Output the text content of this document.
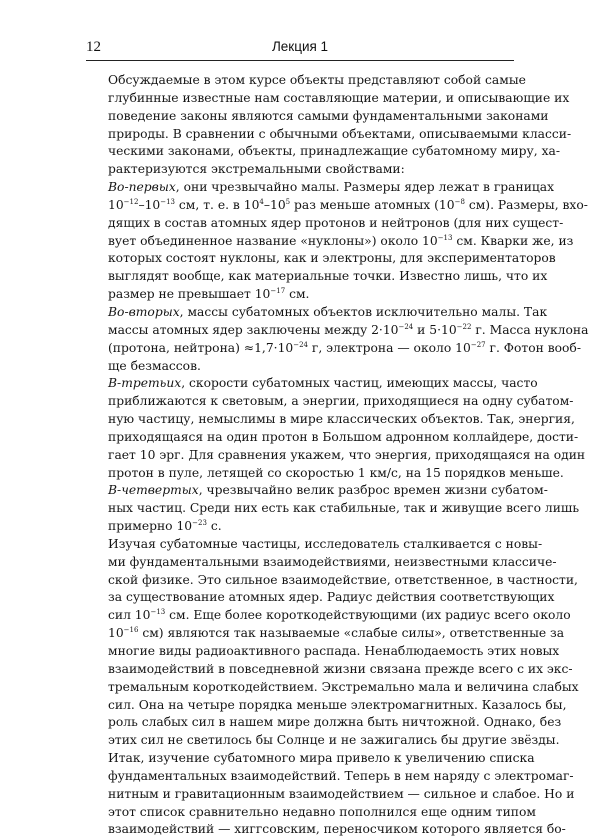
12	Лекция 1

Обсуждаемые в этом курсе объекты представляют собой самые
глубинные известные нам составляющие материи, и описывающие их
поведение законы являются самыми фундаментальными законами
природы. В сравнении с обычными объектами, описываемыми класси-
ческими законами, объекты, принадлежащие субатомному миру, ха-
рактеризуются экстремальными свойствами:

Во-первых, они чрезвычайно малы. Размеры ядер лежат в границах
$10^{-12}-10^{-13}$ см, т. е. в $10^4-10^5$ раз меньше атомных ($10^{-8}$ см). Размеры, вхо-
дящих в состав атомных ядер протонов и нейтронов (для них сущест-
вует объединенное название «нуклоны») около $10^{-13}$ см. Кварки же, из
которых состоят нуклоны, как и электроны, для экспериментаторов
выглядят вообще, как материальные точки. Известно лишь, что их
размер не превышает $10^{-17}$ см.

Во-вторых, массы субатомных объектов исключительно малы. Так
массы атомных ядер заключены между $2\cdot 10^{-24}$ и $5\cdot 10^{-22}$ г. Масса нуклона
(протона, нейтрона) $\approx 1,7\cdot 10^{-24}$ г, электрона — около $10^{-27}$ г. Фотон вооб-
ще безмассов.

В-третьих, скорости субатомных частиц, имеющих массы, часто
приближаются к световым, а энергии, приходящиеся на одну субатом-
ную частицу, немыслимы в мире классических объектов. Так, энергия,
приходящаяся на один протон в Большом адронном коллайдере, дости-
гает 10 эрг. Для сравнения укажем, что энергия, приходящаяся на один
протон в пуле, летящей со скоростью 1 км/с, на 15 порядков меньше.

В-четвертых, чрезвычайно велик разброс времен жизни субатом-
ных частиц. Среди них есть как стабильные, так и живущие всего лишь
примерно $10^{-23}$ с.

Изучая субатомные частицы, исследователь сталкивается с новы-
ми фундаментальными взаимодействиями, неизвестными классиче-
ской физике. Это сильное взаимодействие, ответственное, в частности,
за существование атомных ядер. Радиус действия соответствующих
сил $10^{-13}$ см. Еще более короткодействующими (их радиус всего около
$10^{-16}$ см) являются так называемые «слабые силы», ответственные за
многие виды радиоактивного распада. Ненаблюдаемость этих новых
взаимодействий в повседневной жизни связана прежде всего с их экс-
тремальным короткодействием. Экстремально мала и величина слабых
сил. Она на четыре порядка меньше электромагнитных. Казалось бы,
роль слабых сил в нашем мире должна быть ничтожной. Однако, без
этих сил не светилось бы Солнце и не зажигались бы другие звёзды.

Итак, изучение субатомного мира привело к увеличению списка
фундаментальных взаимодействий. Теперь в нем наряду с электромаг-
нитным и гравитационным взаимодействием — сильное и слабое. Но и
этот список сравнительно недавно пополнился еще одним типом
взаимодействий — хиггсовским, переносчиком которого является бо-
